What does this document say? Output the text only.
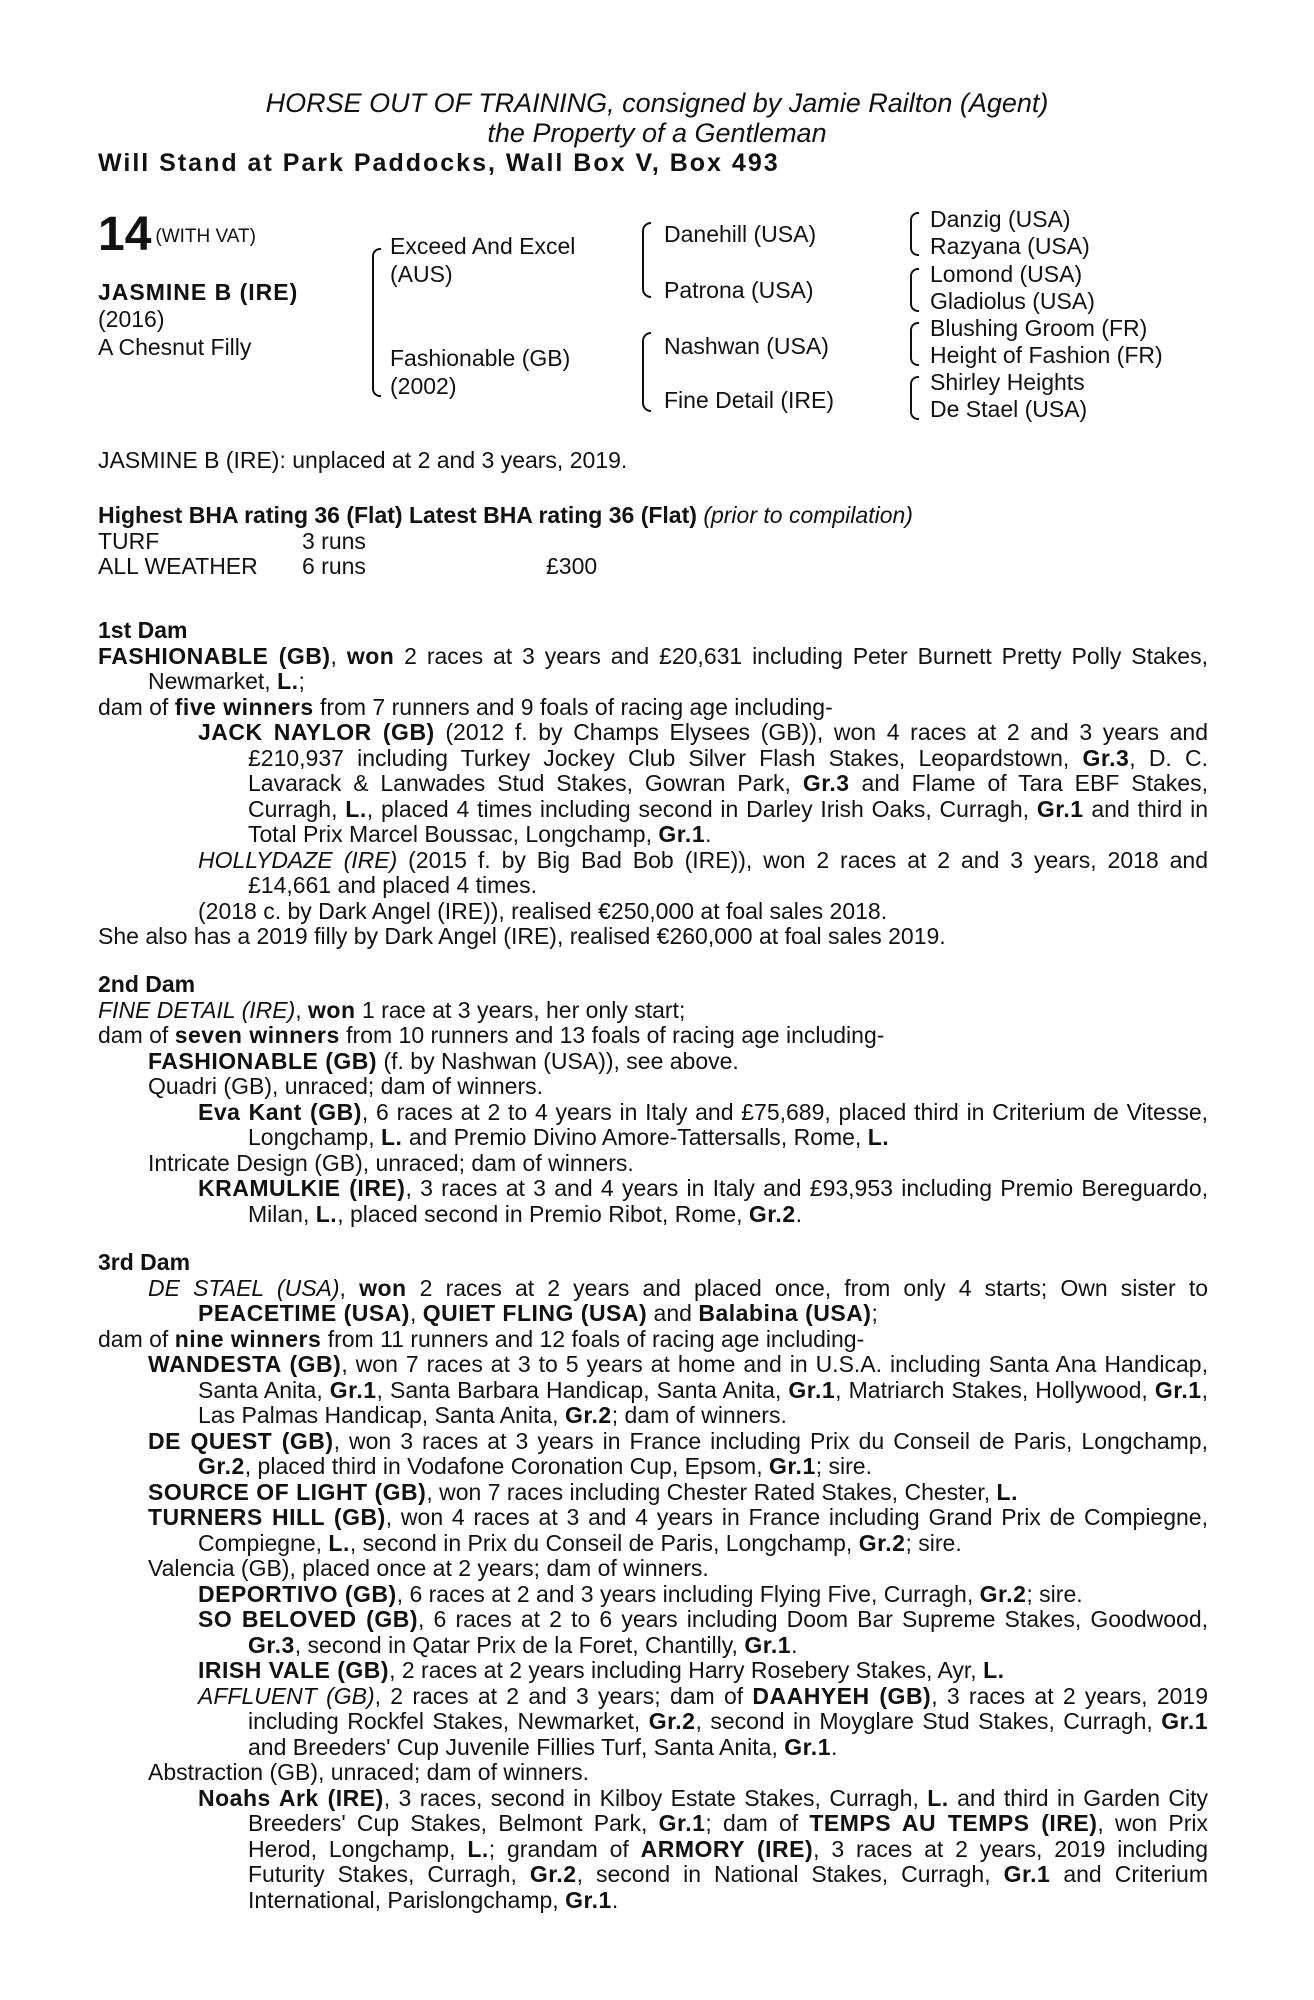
HORSE OUT OF TRAINING, consigned by Jamie Railton (Agent)
the Property of a Gentleman
Will Stand at Park Paddocks, Wall Box V, Box 493
14 $^{(WITH VAT)}$
JASMINE B (IRE)
(2016)
A Chesnut Filly
Exceed And Excel
(AUS)
Fashionable (GB)
(2002)
Danehill (USA)
Patrona (USA)
Nashwan (USA)
Fine Detail (IRE)
Danzig (USA)
Razyana (USA)
Lomond (USA)
Gladiolus (USA)
Blushing Groom (FR)
Height of Fashion (FR)
Shirley Heights
De Stael (USA)

JASMINE B (IRE): unplaced at 2 and 3 years, 2019.

Highest BHA rating 36 (Flat) Latest BHA rating 36 (Flat) (prior to compilation)

TURF	3 runs
ALL WEATHER 6 runs	£300
1st Dam

FASHIONABLE (GB), won 2 races at 3 years and £20,631 including Peter Burnett Pretty Polly Stakes, Newmarket, L.;

dam of five winners from 7 runners and 9 foals of racing age including-

JACK NAYLOR (GB) (2012 f. by Champs Elysees (GB)), won 4 races at 2 and 3 years and £210,937 including Turkey Jockey Club Silver Flash Stakes, Leopardstown, Gr.3, D. C. Lavarack & Lanwades Stud Stakes, Gowran Park, Gr.3 and Flame of Tara EBF Stakes, Curragh, L., placed 4 times including second in Darley Irish Oaks, Curragh, Gr.1 and third in Total Prix Marcel Boussac, Longchamp, Gr.1.

HOLLYDAZE (IRE) (2015 f. by Big Bad Bob (IRE)), won 2 races at 2 and 3 years, 2018 and £14,661 and placed 4 times.

(2018 c. by Dark Angel (IRE)), realised €250,000 at foal sales 2018.

She also has a 2019 filly by Dark Angel (IRE), realised €260,000 at foal sales 2019.

2nd Dam

FINE DETAIL (IRE), won 1 race at 3 years, her only start;

dam of seven winners from 10 runners and 13 foals of racing age including-

FASHIONABLE (GB) (f. by Nashwan (USA)), see above.

Quadri (GB), unraced; dam of winners.

Eva Kant (GB), 6 races at 2 to 4 years in Italy and £75,689, placed third in Criterium de Vitesse, Longchamp, L. and Premio Divino Amore-Tattersalls, Rome, L.

Intricate Design (GB), unraced; dam of winners.

KRAMULKIE (IRE), 3 races at 3 and 4 years in Italy and £93,953 including Premio Bereguardo, Milan, L., placed second in Premio Ribot, Rome, Gr.2.

3rd Dam

DE STAEL (USA), won 2 races at 2 years and placed once, from only 4 starts; Own sister to PEACETIME (USA), QUIET FLING (USA) and Balabina (USA);

dam of nine winners from 11 runners and 12 foals of racing age including-

WANDESTA (GB), won 7 races at 3 to 5 years at home and in U.S.A. including Santa Ana Handicap, Santa Anita, Gr.1, Santa Barbara Handicap, Santa Anita, Gr.1, Matriarch Stakes, Hollywood, Gr.1, Las Palmas Handicap, Santa Anita, Gr.2; dam of winners.

DE QUEST (GB), won 3 races at 3 years in France including Prix du Conseil de Paris, Longchamp, Gr.2, placed third in Vodafone Coronation Cup, Epsom, Gr.1; sire.

SOURCE OF LIGHT (GB), won 7 races including Chester Rated Stakes, Chester, L.

TURNERS HILL (GB), won 4 races at 3 and 4 years in France including Grand Prix de Compiegne, Compiegne, L., second in Prix du Conseil de Paris, Longchamp, Gr.2; sire.

Valencia (GB), placed once at 2 years; dam of winners.

DEPORTIVO (GB), 6 races at 2 and 3 years including Flying Five, Curragh, Gr.2; sire.

SO BELOVED (GB), 6 races at 2 to 6 years including Doom Bar Supreme Stakes, Goodwood, Gr.3, second in Qatar Prix de la Foret, Chantilly, Gr.1.

IRISH VALE (GB), 2 races at 2 years including Harry Rosebery Stakes, Ayr, L.

AFFLUENT (GB), 2 races at 2 and 3 years; dam of DAAHYEH (GB), 3 races at 2 years, 2019 including Rockfel Stakes, Newmarket, Gr.2, second in Moyglare Stud Stakes, Curragh, Gr.1 and Breeders' Cup Juvenile Fillies Turf, Santa Anita, Gr.1.

Abstraction (GB), unraced; dam of winners.

Noahs Ark (IRE), 3 races, second in Kilboy Estate Stakes, Curragh, L. and third in Garden City Breeders' Cup Stakes, Belmont Park, Gr.1; dam of TEMPS AU TEMPS (IRE), won Prix Herod, Longchamp, L.; grandam of ARMORY (IRE), 3 races at 2 years, 2019 including Futurity Stakes, Curragh, Gr.2, second in National Stakes, Curragh, Gr.1 and Criterium International, Parislongchamp, Gr.1.
